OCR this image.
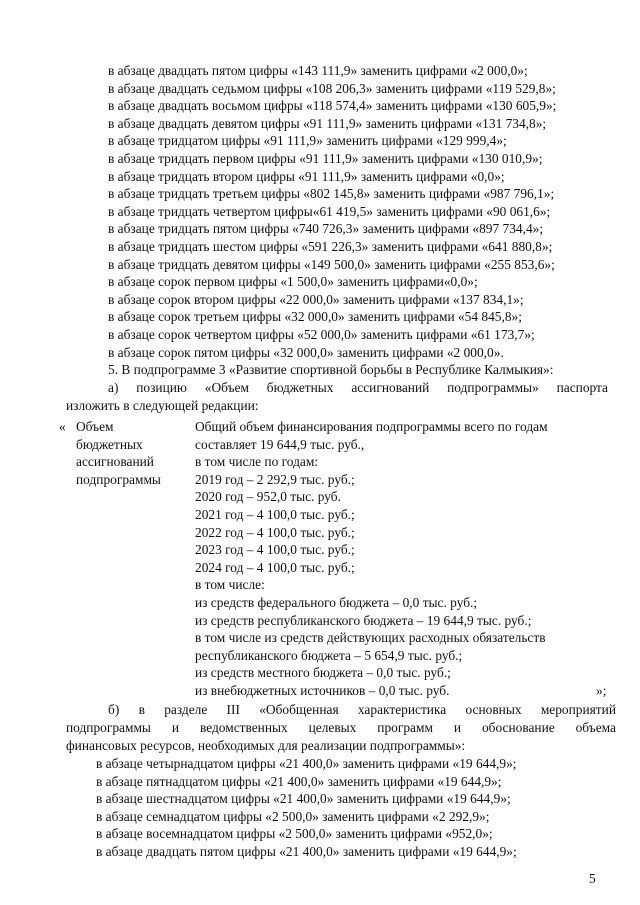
в абзаце двадцать пятом цифры «143 111,9» заменить цифрами «2 000,0»;
в абзаце двадцать седьмом цифры «108 206,3» заменить цифрами «119 529,8»;
в абзаце двадцать восьмом цифры «118 574,4» заменить цифрами «130 605,9»;
в абзаце двадцать девятом цифры «91 111,9» заменить цифрами «131 734,8»;
в абзаце тридцатом цифры «91 111,9» заменить цифрами «129 999,4»;
в абзаце тридцать первом цифры «91 111,9» заменить цифрами «130 010,9»;
в абзаце тридцать втором цифры «91 111,9» заменить цифрами «0,0»;
в абзаце тридцать третьем цифры «802 145,8» заменить цифрами «987 796,1»;
в абзаце тридцать четвертом цифры«61 419,5» заменить цифрами «90 061,6»;
в абзаце тридцать пятом цифры «740 726,3» заменить цифрами «897 734,4»;
в абзаце тридцать шестом цифры «591 226,3» заменить цифрами «641 880,8»;
в абзаце тридцать девятом цифры «149 500,0» заменить цифрами «255 853,6»;
в абзаце сорок первом цифры «1 500,0» заменить цифрами«0,0»;
в абзаце сорок втором цифры «22 000,0» заменить цифрами «137 834,1»;
в абзаце сорок третьем цифры «32 000,0» заменить цифрами «54 845,8»;
в абзаце сорок четвертом цифры «52 000,0» заменить цифрами «61 173,7»;
в абзаце сорок пятом цифры «32 000,0» заменить цифрами «2 000,0».
5. В подпрограмме 3 «Развитие спортивной борьбы в Республике Калмыкия»:
а) позицию «Объем бюджетных ассигнований подпрограммы» паспорта
изложить в следующей редакции:
« Объем
бюджетных
ассигнований
подпрограммы
Общий объем финансирования подпрограммы всего по годам
составляет 19 644,9 тыс. руб.,
в том числе по годам:
2019 год – 2 292,9 тыс. руб.;
2020 год – 952,0 тыс. руб.
2021 год – 4 100,0 тыс. руб.;
2022 год – 4 100,0 тыс. руб.;
2023 год – 4 100,0 тыс. руб.;
2024 год – 4 100,0 тыс. руб.;
в том числе:
из средств федерального бюджета – 0,0 тыс. руб.;
из средств республиканского бюджета – 19 644,9 тыс. руб.;
в том числе из средств действующих расходных обязательств
республиканского бюджета – 5 654,9 тыс. руб.;
из средств местного бюджета – 0,0 тыс. руб.;
из внебюджетных источников – 0,0 тыс. руб.	»;
б) в разделе III «Обобщенная характеристика основных мероприятий
подпрограммы и ведомственных целевых программ и обоснование объема
финансовых ресурсов, необходимых для реализации подпрограммы»:
в абзаце четырнадцатом цифры «21 400,0» заменить цифрами «19 644,9»;
в абзаце пятнадцатом цифры «21 400,0» заменить цифрами «19 644,9»;
в абзаце шестнадцатом цифры «21 400,0» заменить цифрами «19 644,9»;
в абзаце семнадцатом цифры «2 500,0» заменить цифрами «2 292,9»;
в абзаце восемнадцатом цифры «2 500,0» заменить цифрами «952,0»;
в абзаце двадцать пятом цифры «21 400,0» заменить цифрами «19 644,9»;
5
